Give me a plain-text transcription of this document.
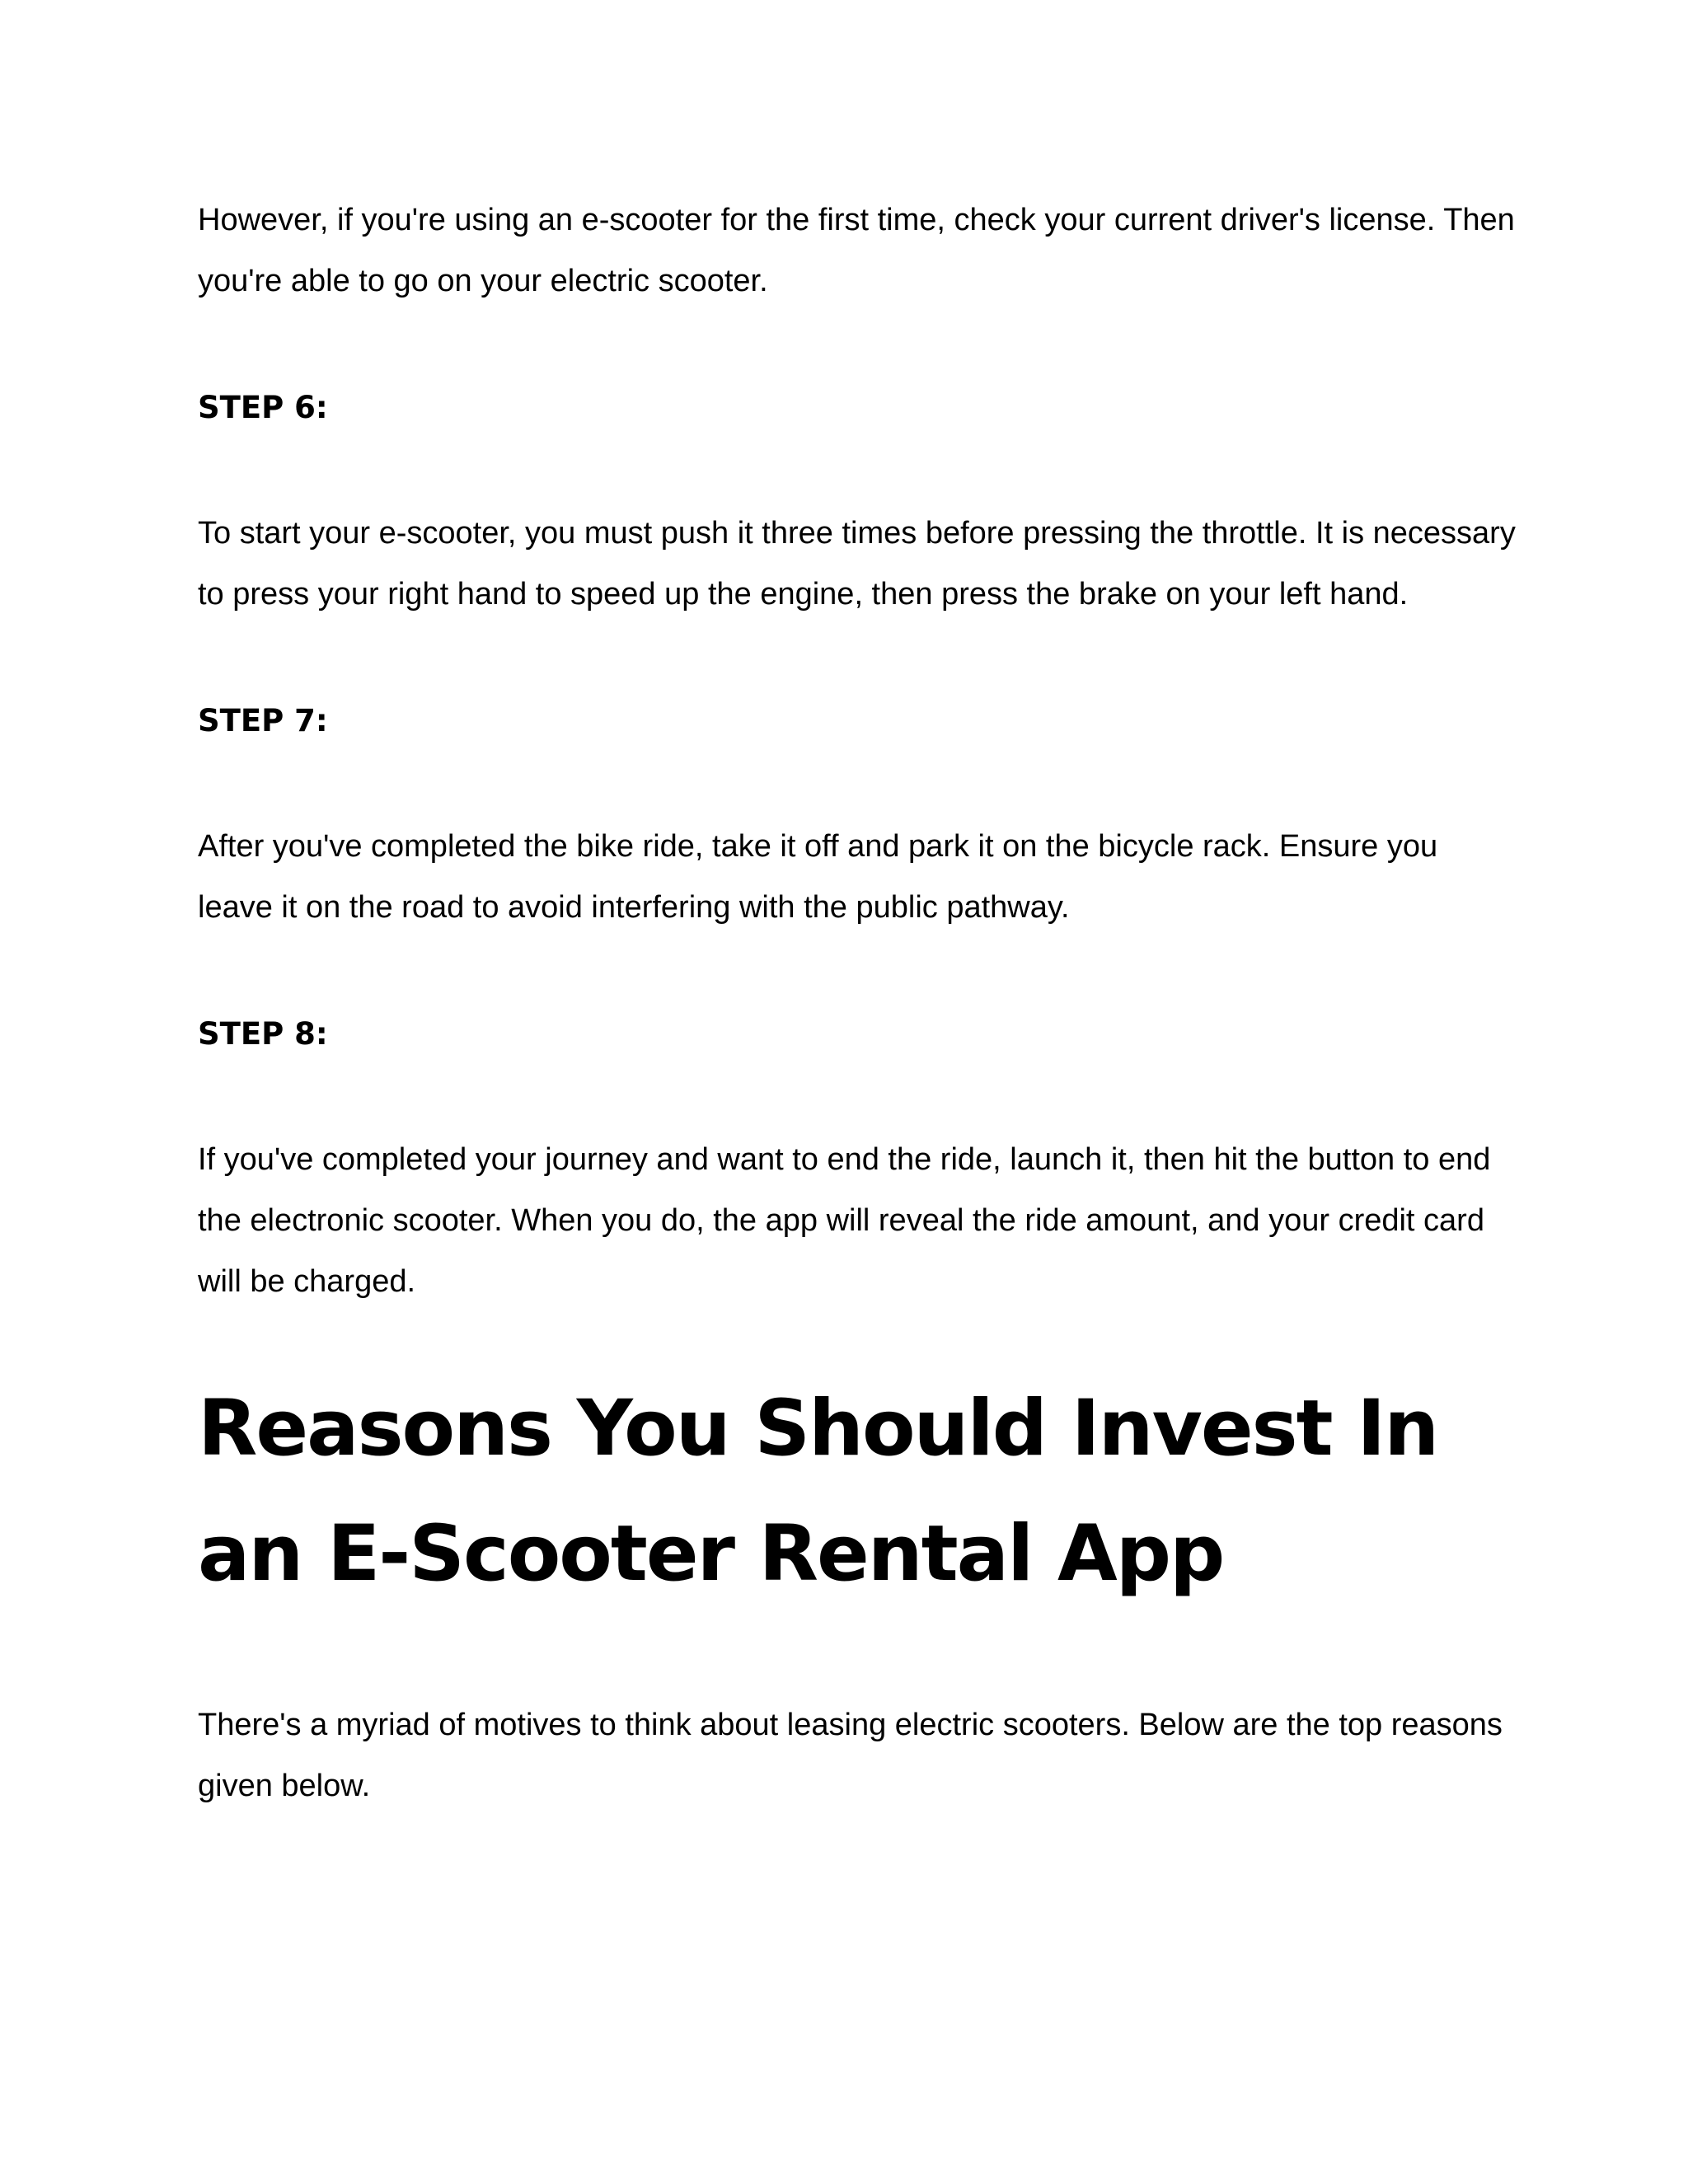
However, if you're using an e-scooter for the first time, check your current driver's license. Then you're able to go on your electric scooter.

STEP 6:

To start your e-scooter, you must push it three times before pressing the throttle. It is necessary to press your right hand to speed up the engine, then press the brake on your left hand.

STEP 7:

After you've completed the bike ride, take it off and park it on the bicycle rack. Ensure you leave it on the road to avoid interfering with the public pathway.

STEP 8:

If you've completed your journey and want to end the ride, launch it, then hit the button to end the electronic scooter. When you do, the app will reveal the ride amount, and your credit card will be charged.

Reasons You Should Invest In an E-Scooter Rental App

There's a myriad of motives to think about leasing electric scooters. Below are the top reasons given below.
